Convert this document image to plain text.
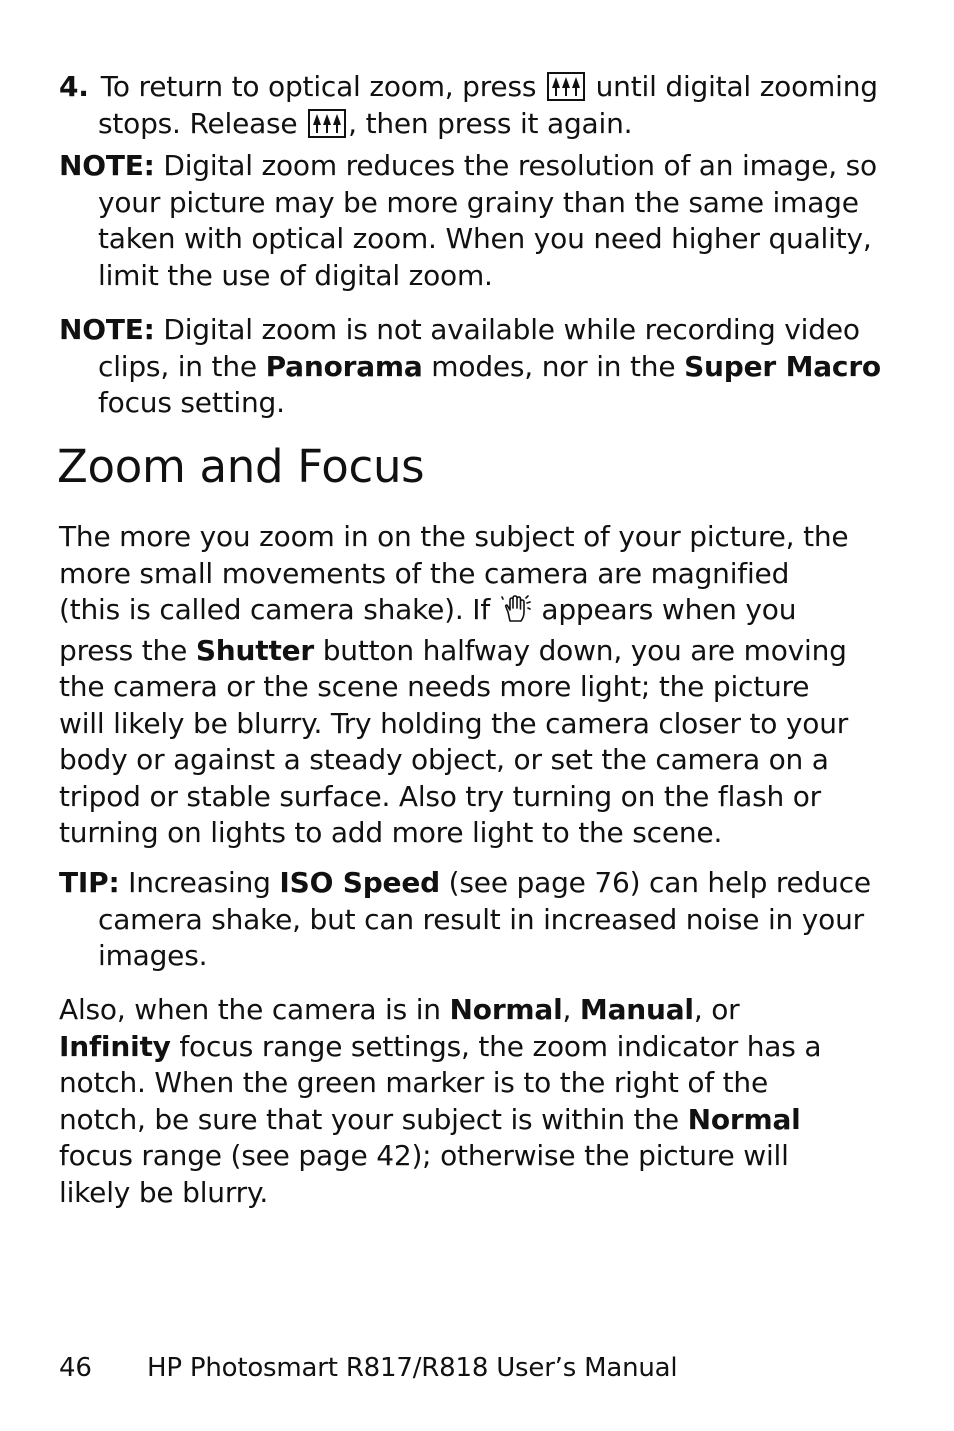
4. To return to optical zoom, press
until digital zooming stops. Release
, then press it again.

NOTE: Digital zoom reduces the resolution of an image, so your picture may be more grainy than the same image taken with optical zoom. When you need higher quality, limit the use of digital zoom.

NOTE: Digital zoom is not available while recording video clips, in the Panorama modes, nor in the Super Macro focus setting.

Zoom and Focus

The more you zoom in on the subject of your picture, the more small movements of the camera are magnified (this is called camera shake). If  appears when you press the Shutter button halfway down, you are moving the camera or the scene needs more light; the picture will likely be blurry. Try holding the camera closer to your body or against a steady object, or set the camera on a tripod or stable surface. Also try turning on the flash or turning on lights to add more light to the scene.

TIP: Increasing ISO Speed (see page 76) can help reduce camera shake, but can result in increased noise in your images.

Also, when the camera is in Normal, Manual, or Infinity focus range settings, the zoom indicator has a notch. When the green marker is to the right of the notch, be sure that your subject is within the Normal focus range (see page 42); otherwise the picture will likely be blurry.

46 HP Photosmart R817/R818 User’s Manual
